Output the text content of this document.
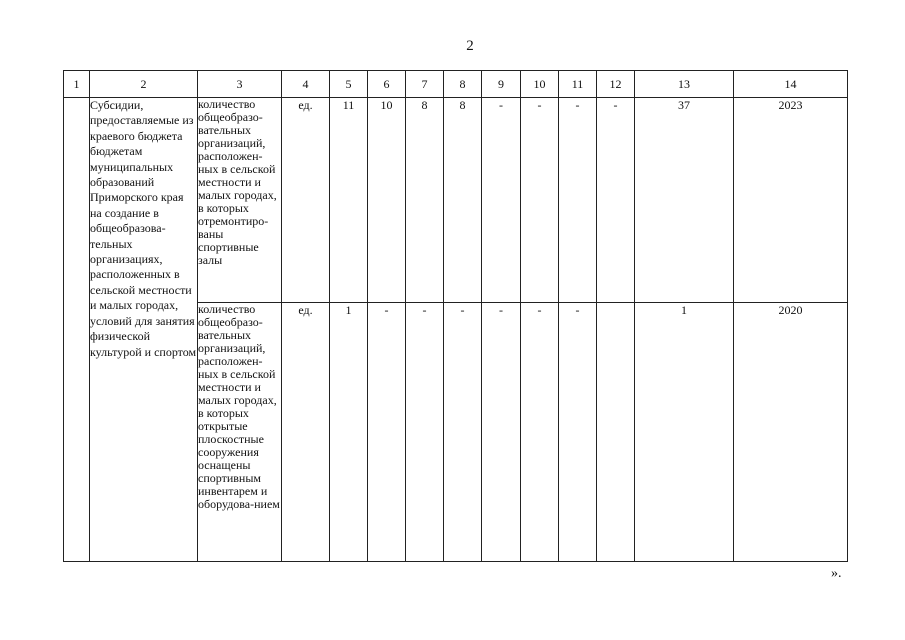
2
1	2	3	4	5	6	7	8	9	10	11	12	13	14
	Субсидии, предоставляемые из краевого бюджета бюджетам муниципальных образований Приморского края на создание в общеобразова-тельных организациях, расположенных в сельской местности и малых городах, условий для занятия физической культурой и спортом	количество общеобразо-вательных организаций, расположен-ных в сельской местности и малых городах, в которых отремонтиро-ваны спортивные залы	ед.	11	10	8	8	-	-	-	-	37	2023
		количество общеобразо-вательных организаций, расположен-ных в сельской местности и малых городах, в которых открытые плоскостные сооружения оснащены спортивным инвентарем и оборудова-нием	ед.	1	-	-	-	-	-	-		1	2020
».
